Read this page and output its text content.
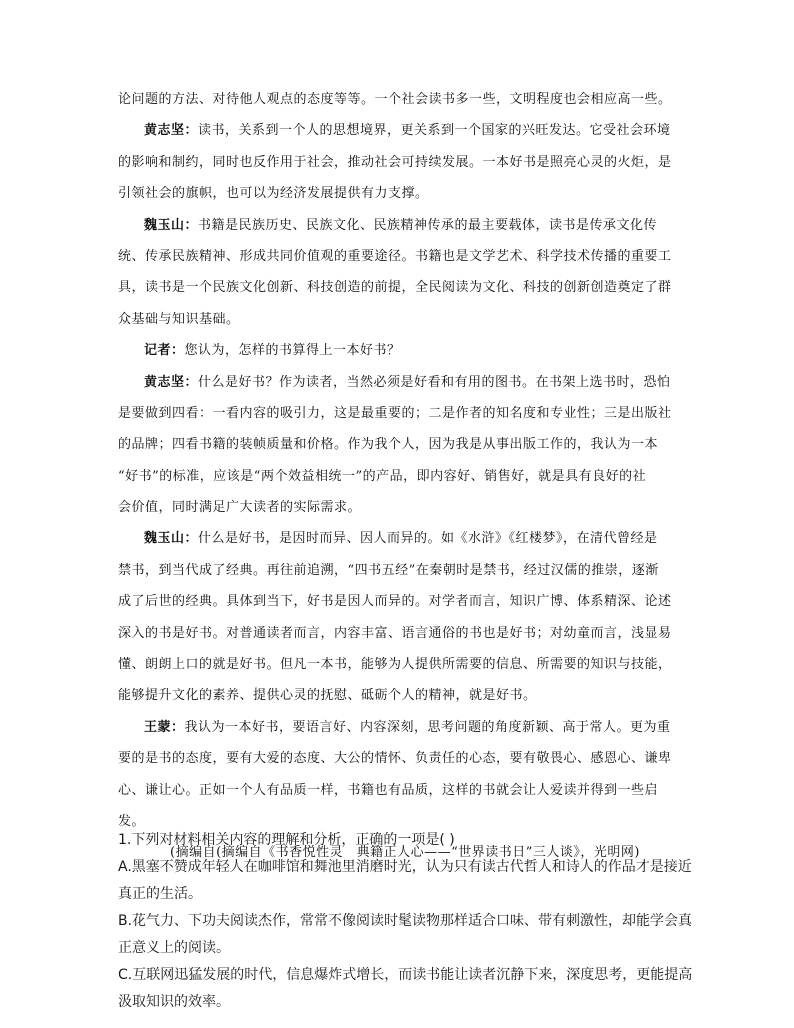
论问题的方法、对待他人观点的态度等等。一个社会读书多一些，文明程度也会相应高一些。

黄志坚：读书，关系到一个人的思想境界，更关系到一个国家的兴旺发达。它受社会环境

的影响和制约，同时也反作用于社会，推动社会可持续发展。一本好书是照亮心灵的火炬，是

引领社会的旗帜，也可以为经济发展提供有力支撑。

魏玉山：书籍是民族历史、民族文化、民族精神传承的最主要载体，读书是传承文化传

统、传承民族精神、形成共同价值观的重要途径。书籍也是文学艺术、科学技术传播的重要工

具，读书是一个民族文化创新、科技创造的前提，全民阅读为文化、科技的创新创造奠定了群

众基础与知识基础。

记者：您认为，怎样的书算得上一本好书？

黄志坚：什么是好书？作为读者，当然必须是好看和有用的图书。在书架上选书时，恐怕

是要做到四看：一看内容的吸引力，这是最重要的；二是作者的知名度和专业性；三是出版社

的品牌；四看书籍的装帧质量和价格。作为我个人，因为我是从事出版工作的，我认为一本

“好书”的标准，应该是“两个效益相统一”的产品，即内容好、销售好，就是具有良好的社

会价值，同时满足广大读者的实际需求。

魏玉山：什么是好书，是因时而异、因人而异的。如《水浒》《红楼梦》，在清代曾经是

禁书，到当代成了经典。再往前追溯，“四书五经”在秦朝时是禁书，经过汉儒的推崇，逐渐

成了后世的经典。具体到当下，好书是因人而异的。对学者而言，知识广博、体系精深、论述

深入的书是好书。对普通读者而言，内容丰富、语言通俗的书也是好书；对幼童而言，浅显易

懂、朗朗上口的就是好书。但凡一本书，能够为人提供所需要的信息、所需要的知识与技能，

能够提升文化的素养、提供心灵的抚慰、砥砺个人的精神，就是好书。

王蒙：我认为一本好书，要语言好、内容深刻，思考问题的角度新颖、高于常人。更为重

要的是书的态度，要有大爱的态度、大公的情怀、负责任的心态，要有敬畏心、感恩心、谦卑

心、谦让心。正如一个人有品质一样，书籍也有品质，这样的书就会让人爱读并得到一些启

发。

(摘编自(摘编自《书香悦性灵　典籍正人心——“世界读书日”三人谈》，光明网)

1.下列对材料相关内容的理解和分析，正确的一项是( )

A.黑塞不赞成年轻人在咖啡馆和舞池里消磨时光，认为只有读古代哲人和诗人的作品才是接近

真正的生活。

B.花气力、下功夫阅读杰作，常常不像阅读时髦读物那样适合口味、带有刺激性，却能学会真

正意义上的阅读。

C.互联网迅猛发展的时代，信息爆炸式增长，而读书能让读者沉静下来，深度思考，更能提高

汲取知识的效率。
